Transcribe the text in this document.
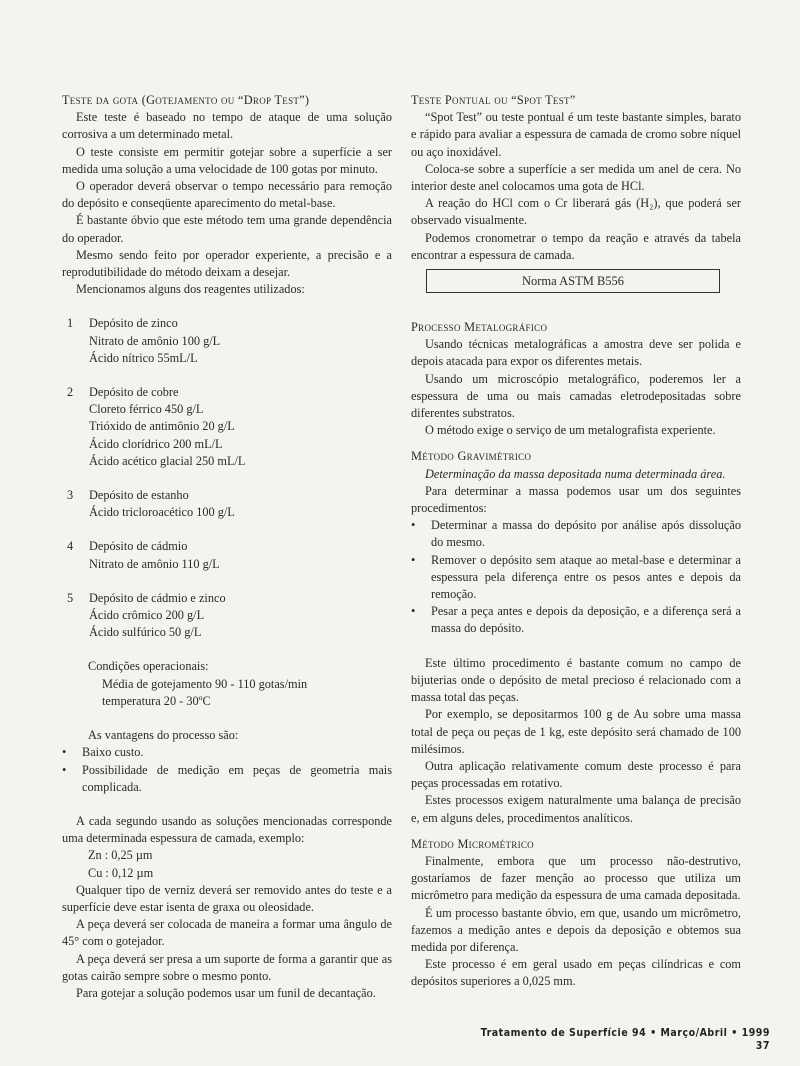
Teste da gota (Gotejamento ou “Drop Test”)

Este teste é baseado no tempo de ataque de uma solução corrosiva a um determinado metal.

O teste consiste em permitir gotejar sobre a superfície a ser medida uma solução a uma velocidade de 100 gotas por minuto.

O operador deverá observar o tempo necessário para remoção do depósito e conseqüente aparecimento do metal-base.

É bastante óbvio que este método tem uma grande dependência do operador.

Mesmo sendo feito por operador experiente, a precisão e a reprodutibilidade do método deixam a desejar.

Mencionamos alguns dos reagentes utilizados:

1	Depósito de zinco
Nitrato de amônio 100 g/L
Ácido nítrico 55mL/L
2	Depósito de cobre
Cloreto férrico 450 g/L
Trióxido de antimônio 20 g/L
Ácido clorídrico 200 mL/L
Ácido acético glacial 250 mL/L
3	Depósito de estanho
Ácido tricloroacético 100 g/L
4	Depósito de cádmio
Nitrato de amônio 110 g/L
5	Depósito de cádmio e zinco
Ácido crômico 200 g/L
Ácido sulfúrico 50 g/L
Condições operacionais:
Média de gotejamento 90 - 110 gotas/min
temperatura 20 - 30ºC
As vantagens do processo são:
•	Baixo custo.
•	Possibilidade de medição em peças de geometria mais complicada.

A cada segundo usando as soluções mencionadas corresponde uma determinada espessura de camada, exemplo:

Zn : 0,25 µm
Cu : 0,12 µm

Qualquer tipo de verniz deverá ser removido antes do teste e a superfície deve estar isenta de graxa ou oleosidade.

A peça deverá ser colocada de maneira a formar uma ângulo de 45° com o gotejador.

A peça deverá ser presa a um suporte de forma a garantir que as gotas cairão sempre sobre o mesmo ponto.

Para gotejar a solução podemos usar um funil de decantação.

Teste Pontual ou “Spot Test”

“Spot Test” ou teste pontual é um teste bastante simples, barato e rápido para avaliar a espessura de camada de cromo sobre níquel ou aço inoxidável.

Coloca-se sobre a superfície a ser medida um anel de cera. No interior deste anel colocamos uma gota de HCl.

A reação do HCl com o Cr liberará gás (H₂), que poderá ser observado visualmente.

Podemos cronometrar o tempo da reação e através da tabela encontrar a espessura de camada.

Norma ASTM B556
Processo Metalográfico

Usando técnicas metalográficas a amostra deve ser polida e depois atacada para expor os diferentes metais.

Usando um microscópio metalográfico, poderemos ler a espessura de uma ou mais camadas eletrodepositadas sobre diferentes substratos.

O método exige o serviço de um metalografista experiente.

Método Gravimétrico

Determinação da massa depositada numa determinada área.

Para determinar a massa podemos usar um dos seguintes procedimentos:

•	Determinar a massa do depósito por análise após dissolução do mesmo.
•	Remover o depósito sem ataque ao metal-base e determinar a espessura pela diferença entre os pesos antes e depois da remoção.
•	Pesar a peça antes e depois da deposição, e a diferença será a massa do depósito.

Este último procedimento é bastante comum no campo de bijuterias onde o depósito de metal precioso é relacionado com a massa total das peças.

Por exemplo, se depositarmos 100 g de Au sobre uma massa total de peça ou peças de 1 kg, este depósito será chamado de 100 milésimos.

Outra aplicação relativamente comum deste processo é para peças processadas em rotativo.

Estes processos exigem naturalmente uma balança de precisão e, em alguns deles, procedimentos analíticos.

Método Micrométrico

Finalmente, embora que um processo não-destrutivo, gostaríamos de fazer menção ao processo que utiliza um micrômetro para medição da espessura de uma camada depositada.

É um processo bastante óbvio, em que, usando um micrômetro, fazemos a medição antes e depois da deposição e obtemos sua medida por diferença.

Este processo é em geral usado em peças cilíndricas e com depósitos superiores a 0,025 mm.

Tratamento de Superfície 94 • Março/Abril • 1999 37
